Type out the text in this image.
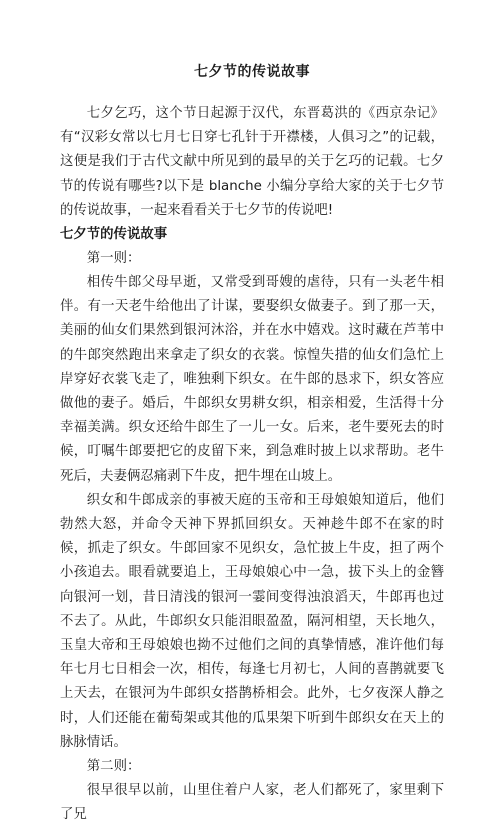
七夕节的传说故事

七夕乞巧，这个节日起源于汉代，东晋葛洪的《西京杂记》有“汉彩女常以七月七日穿七孔针于开襟楼，人俱习之”的记载，这便是我们于古代文献中所见到的最早的关于乞巧的记载。七夕节的传说有哪些?以下是 blanche 小编分享给大家的关于七夕节的传说故事，一起来看看关于七夕节的传说吧!

七夕节的传说故事

第一则：

相传牛郎父母早逝，又常受到哥嫂的虐待，只有一头老牛相伴。有一天老牛给他出了计谋，要娶织女做妻子。到了那一天，美丽的仙女们果然到银河沐浴，并在水中嬉戏。这时藏在芦苇中的牛郎突然跑出来拿走了织女的衣裳。惊惶失措的仙女们急忙上岸穿好衣裳飞走了，唯独剩下织女。在牛郎的恳求下，织女答应做他的妻子。婚后，牛郎织女男耕女织，相亲相爱，生活得十分幸福美满。织女还给牛郎生了一儿一女。后来，老牛要死去的时候，叮嘱牛郎要把它的皮留下来，到急难时披上以求帮助。老牛死后，夫妻俩忍痛剥下牛皮，把牛埋在山坡上。

织女和牛郎成亲的事被天庭的玉帝和王母娘娘知道后，他们勃然大怒，并命令天神下界抓回织女。天神趁牛郎不在家的时候，抓走了织女。牛郎回家不见织女，急忙披上牛皮，担了两个小孩追去。眼看就要追上，王母娘娘心中一急，拔下头上的金簪向银河一划，昔日清浅的银河一霎间变得浊浪滔天，牛郎再也过不去了。从此，牛郎织女只能泪眼盈盈，隔河相望，天长地久，玉皇大帝和王母娘娘也拗不过他们之间的真挚情感，准许他们每年七月七日相会一次，相传，每逢七月初七，人间的喜鹊就要飞上天去，在银河为牛郎织女搭鹊桥相会。此外，七夕夜深人静之时，人们还能在葡萄架或其他的瓜果架下听到牛郎织女在天上的脉脉情话。

第二则：

很早很早以前，山里住着户人家，老人们都死了，家里剩下了兄
